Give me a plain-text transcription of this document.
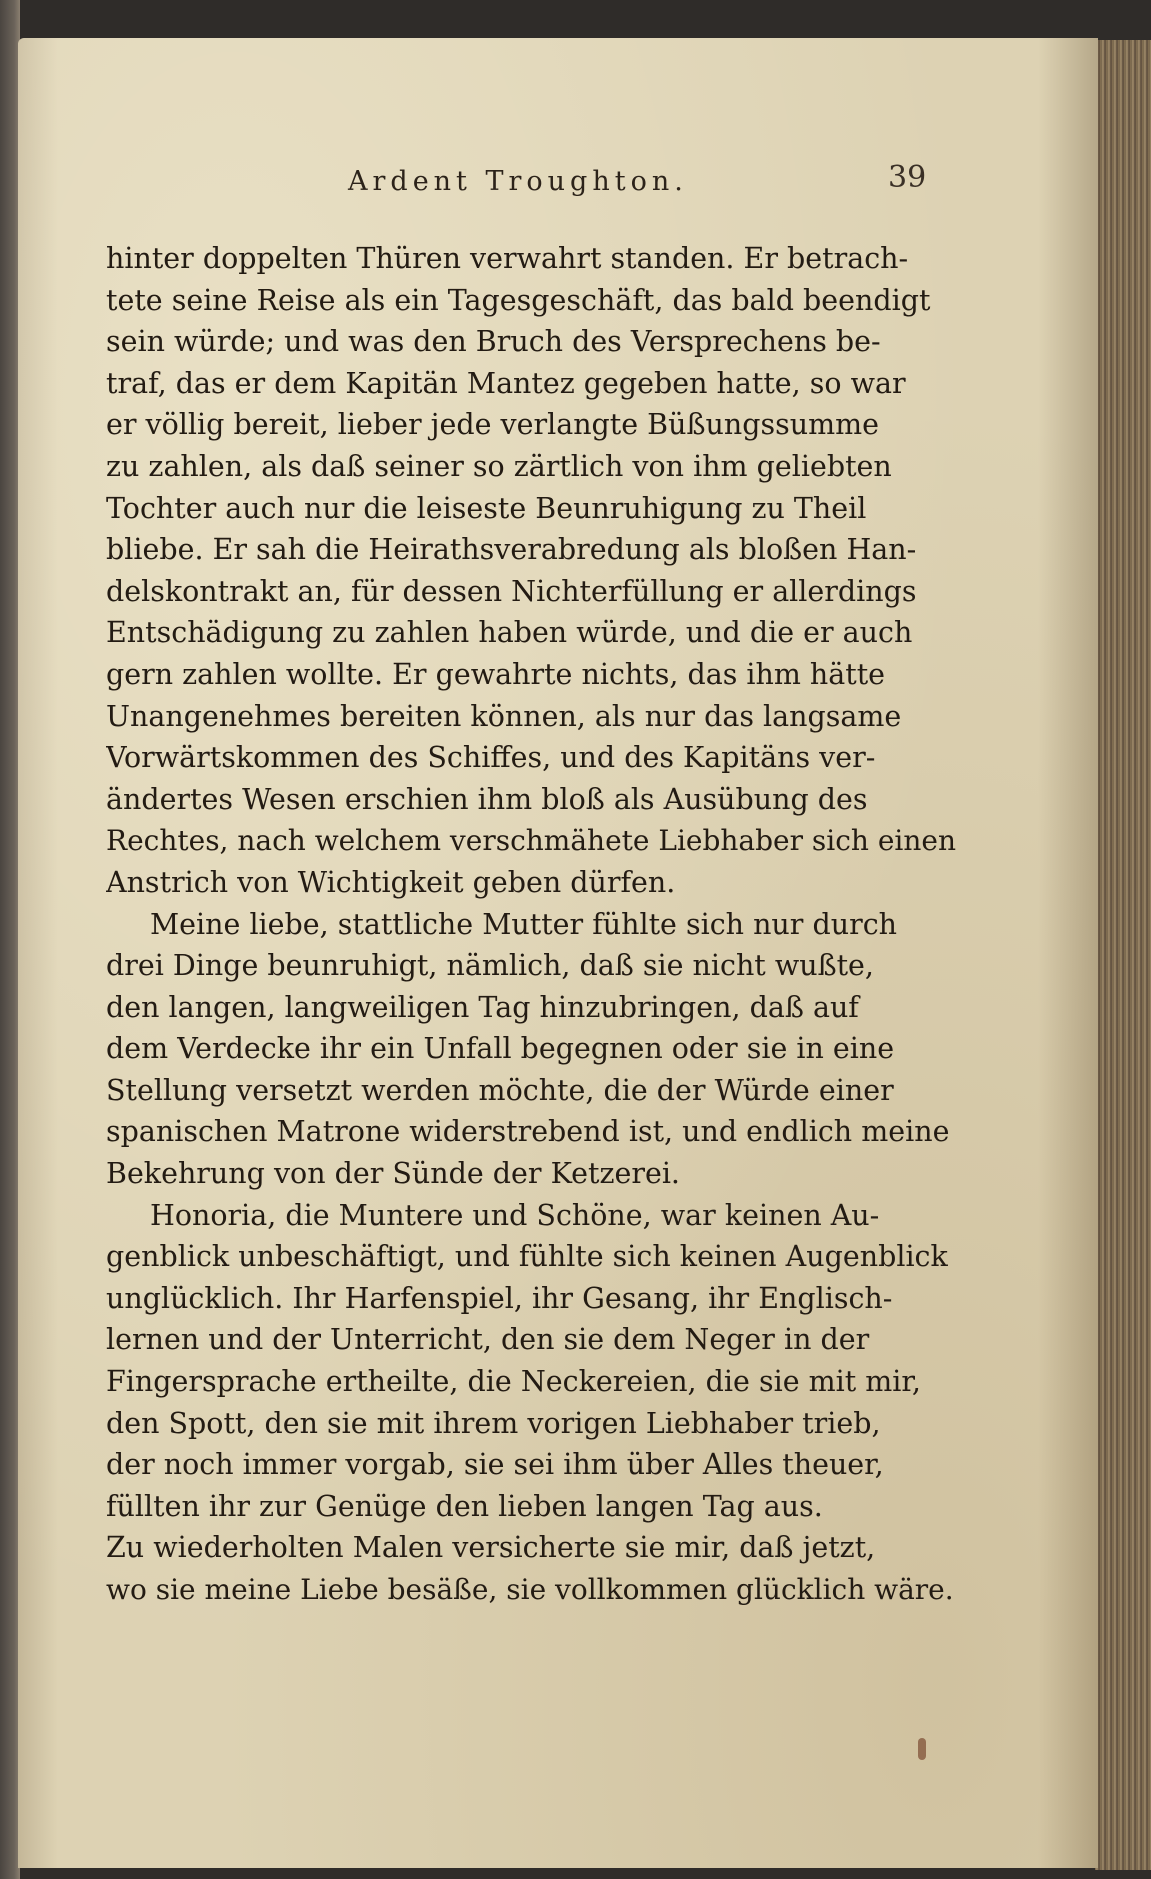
Ardent Troughton.	39
hinter doppelten Thüren verwahrt standen. Er betrach-
tete seine Reise als ein Tagesgeschäft, das bald beendigt
sein würde; und was den Bruch des Versprechens be-
traf, das er dem Kapitän Mantez gegeben hatte, so war
er völlig bereit, lieber jede verlangte Büßungssumme
zu zahlen, als daß seiner so zärtlich von ihm geliebten
Tochter auch nur die leiseste Beunruhigung zu Theil
bliebe. Er sah die Heirathsverabredung als bloßen Han-
delskontrakt an, für dessen Nichterfüllung er allerdings
Entschädigung zu zahlen haben würde, und die er auch
gern zahlen wollte. Er gewahrte nichts, das ihm hätte
Unangenehmes bereiten können, als nur das langsame
Vorwärtskommen des Schiffes, und des Kapitäns ver-
ändertes Wesen erschien ihm bloß als Ausübung des
Rechtes, nach welchem verschmähete Liebhaber sich einen
Anstrich von Wichtigkeit geben dürfen.
Meine liebe, stattliche Mutter fühlte sich nur durch
drei Dinge beunruhigt, nämlich, daß sie nicht wußte,
den langen, langweiligen Tag hinzubringen, daß auf
dem Verdecke ihr ein Unfall begegnen oder sie in eine
Stellung versetzt werden möchte, die der Würde einer
spanischen Matrone widerstrebend ist, und endlich meine
Bekehrung von der Sünde der Ketzerei.
Honoria, die Muntere und Schöne, war keinen Au-
genblick unbeschäftigt, und fühlte sich keinen Augenblick
unglücklich. Ihr Harfenspiel, ihr Gesang, ihr Englisch-
lernen und der Unterricht, den sie dem Neger in der
Fingersprache ertheilte, die Neckereien, die sie mit mir,
den Spott, den sie mit ihrem vorigen Liebhaber trieb,
der noch immer vorgab, sie sei ihm über Alles theuer,
füllten ihr zur Genüge den lieben langen Tag aus.
Zu wiederholten Malen versicherte sie mir, daß jetzt,
wo sie meine Liebe besäße, sie vollkommen glücklich wäre.
